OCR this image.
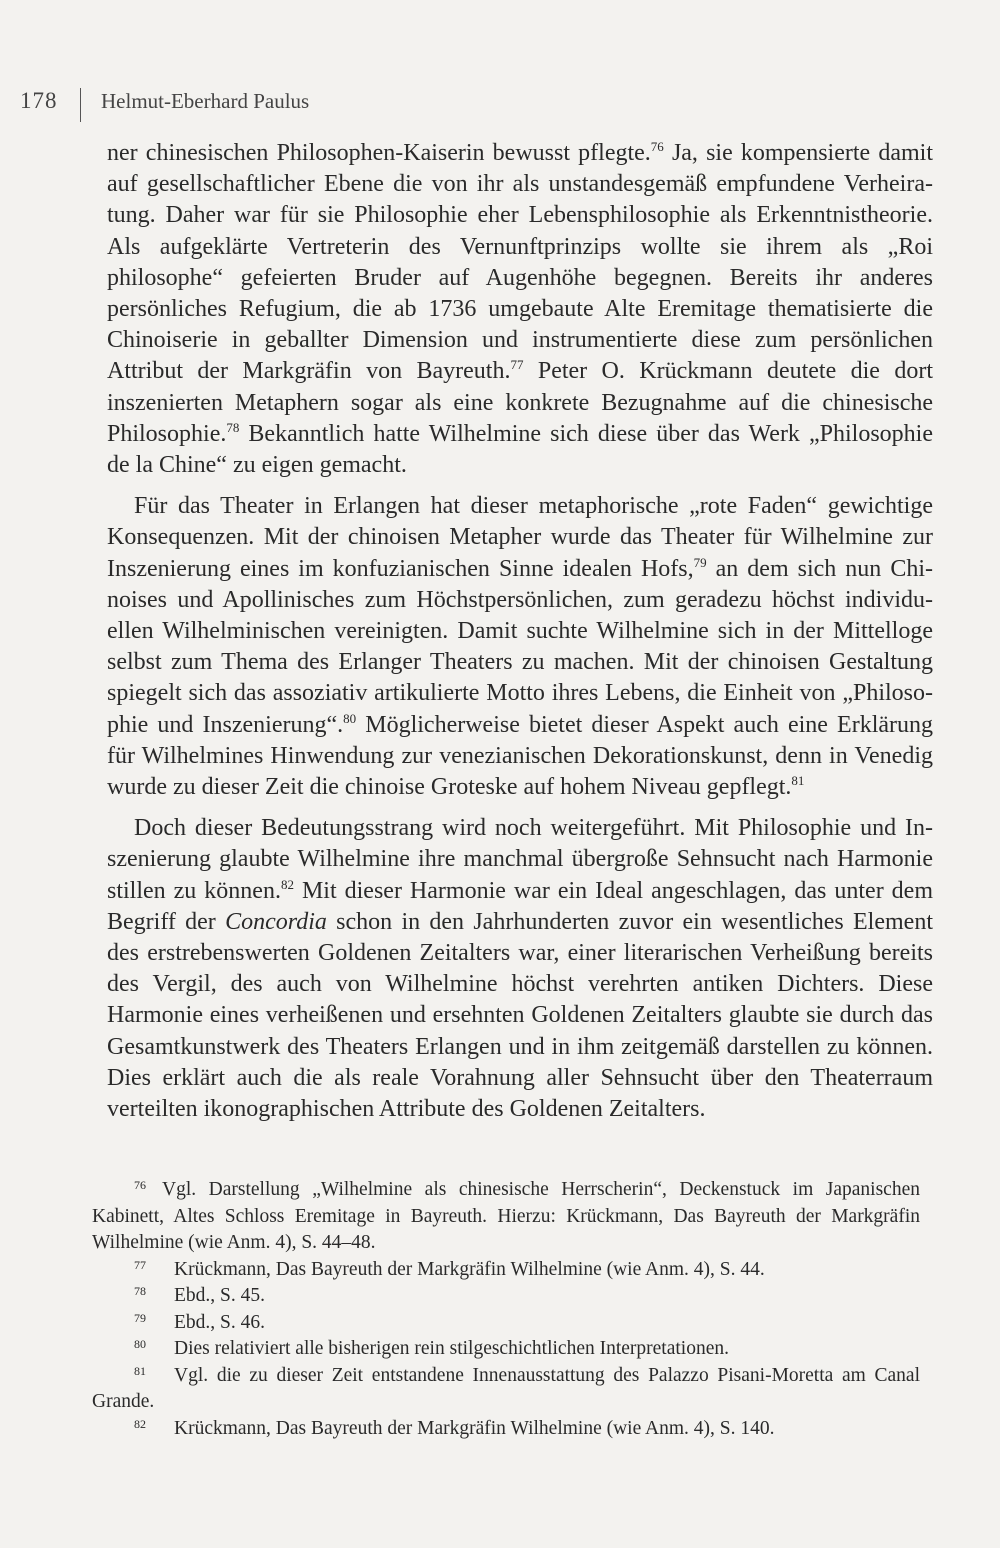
178 Helmut-Eberhard Paulus

ner chinesischen Philosophen-Kaiserin bewusst pflegte.$^{76}$ Ja, sie kompensierte damit auf gesellschaftlicher Ebene die von ihr als unstandesgemäß empfundene Verheiratung. Daher war für sie Philosophie eher Lebensphilosophie als Erkenntnistheorie. Als aufgeklärte Vertreterin des Vernunftprinzips wollte sie ihrem als „Roi philosophe“ gefeierten Bruder auf Augenhöhe begegnen. Bereits ihr anderes persönliches Refugium, die ab 1736 umgebaute Alte Eremitage thematisierte die Chinoiserie in geballter Dimension und instrumentierte diese zum persönlichen Attribut der Markgräfin von Bayreuth.$^{77}$ Peter O. Krückmann deutete die dort inszenierten Metaphern sogar als eine konkrete Bezugnahme auf die chinesische Philosophie.$^{78}$ Bekanntlich hatte Wilhelmine sich diese über das Werk „Philosophie de la Chine“ zu eigen gemacht.

Für das Theater in Erlangen hat dieser metaphorische „rote Faden“ gewichtige Konsequenzen. Mit der chinoisen Metapher wurde das Theater für Wilhelmine zur Inszenierung eines im konfuzianischen Sinne idealen Hofs,$^{79}$ an dem sich nun Chinoises und Apollinisches zum Höchstpersönlichen, zum geradezu höchst individuellen Wilhelminischen vereinigten. Damit suchte Wilhelmine sich in der Mittelloge selbst zum Thema des Erlanger Theaters zu machen. Mit der chinoisen Gestaltung spiegelt sich das assoziativ artikulierte Motto ihres Lebens, die Einheit von „Philosophie und Inszenierung“.$^{80}$ Möglicherweise bietet dieser Aspekt auch eine Erklärung für Wilhelmines Hinwendung zur venezianischen Dekorationskunst, denn in Venedig wurde zu dieser Zeit die chinoise Groteske auf hohem Niveau gepflegt.$^{81}$

Doch dieser Bedeutungsstrang wird noch weitergeführt. Mit Philosophie und Inszenierung glaubte Wilhelmine ihre manchmal übergroße Sehnsucht nach Harmonie stillen zu können.$^{82}$ Mit dieser Harmonie war ein Ideal angeschlagen, das unter dem Begriff der Concordia schon in den Jahrhunderten zuvor ein wesentliches Element des erstrebenswerten Goldenen Zeitalters war, einer literarischen Verheißung bereits des Vergil, des auch von Wilhelmine höchst verehrten antiken Dichters. Diese Harmonie eines verheißenen und ersehnten Goldenen Zeitalters glaubte sie durch das Gesamtkunstwerk des Theaters Erlangen und in ihm zeitgemäß darstellen zu können. Dies erklärt auch die als reale Vorahnung aller Sehnsucht über den Theaterraum verteilten ikonographischen Attribute des Goldenen Zeitalters.

76 Vgl. Darstellung „Wilhelmine als chinesische Herrscherin“, Deckenstuck im Japanischen Kabinett, Altes Schloss Eremitage in Bayreuth. Hierzu: Krückmann, Das Bayreuth der Markgräfin Wilhelmine (wie Anm. 4), S. 44–48.

77 Krückmann, Das Bayreuth der Markgräfin Wilhelmine (wie Anm. 4), S. 44.

78 Ebd., S. 45.

79 Ebd., S. 46.

80 Dies relativiert alle bisherigen rein stilgeschichtlichen Interpretationen.

81 Vgl. die zu dieser Zeit entstandene Innenausstattung des Palazzo Pisani-Moretta am Canal Grande.

82 Krückmann, Das Bayreuth der Markgräfin Wilhelmine (wie Anm. 4), S. 140.
